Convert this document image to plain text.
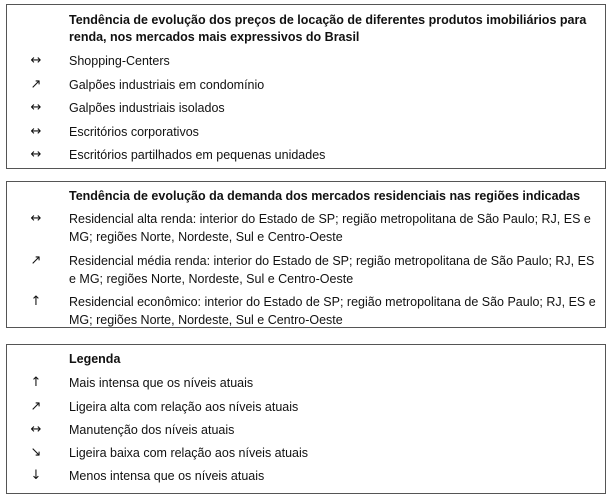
Tendência de evolução dos preços de locação de diferentes produtos imobiliários para renda, nos mercados mais expressivos do Brasil
↔	Shopping-Centers
↗	Galpões industriais em condomínio
↔	Galpões industriais isolados
↔	Escritórios corporativos
↔	Escritórios partilhados em pequenas unidades
Tendência de evolução da demanda dos mercados residenciais nas regiões indicadas
↔	Residencial alta renda: interior do Estado de SP; região metropolitana de São Paulo; RJ, ES e MG; regiões Norte, Nordeste, Sul e Centro-Oeste
↗	Residencial média renda: interior do Estado de SP; região metropolitana de São Paulo; RJ, ES e MG; regiões Norte, Nordeste, Sul e Centro-Oeste
↑	Residencial econômico: interior do Estado de SP; região metropolitana de São Paulo; RJ, ES e MG; regiões Norte, Nordeste, Sul e Centro-Oeste
Legenda
↑	Mais intensa que os níveis atuais
↗	Ligeira alta com relação aos níveis atuais
↔	Manutenção dos níveis atuais
↘	Ligeira baixa com relação aos níveis atuais
↓	Menos intensa que os níveis atuais
